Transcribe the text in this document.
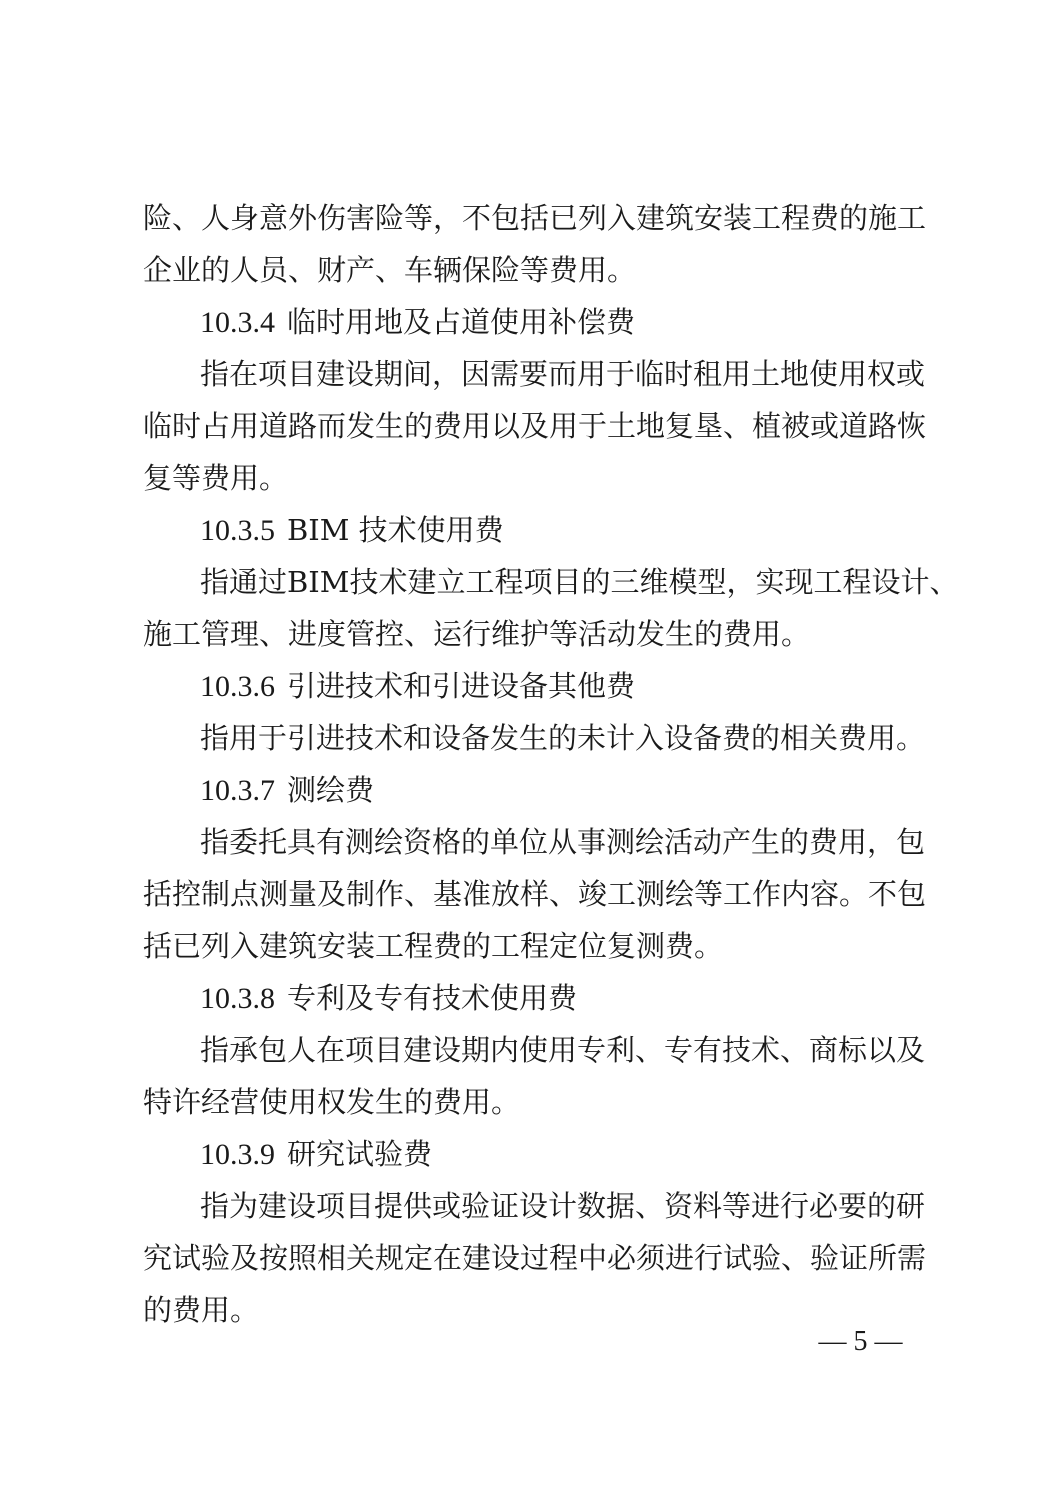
险、人身意外伤害险等，不包括已列入建筑安装工程费的施工
企业的人员、财产、车辆保险等费用。
10.3.4 临时用地及占道使用补偿费
指在项目建设期间，因需要而用于临时租用土地使用权或
临时占用道路而发生的费用以及用于土地复垦、植被或道路恢
复等费用。
10.3.5 BIM 技术使用费
指通过BIM技术建立工程项目的三维模型，实现工程设计、
施工管理、进度管控、运行维护等活动发生的费用。
10.3.6 引进技术和引进设备其他费
指用于引进技术和设备发生的未计入设备费的相关费用。
10.3.7 测绘费
指委托具有测绘资格的单位从事测绘活动产生的费用，包
括控制点测量及制作、基准放样、竣工测绘等工作内容。不包
括已列入建筑安装工程费的工程定位复测费。
10.3.8 专利及专有技术使用费
指承包人在项目建设期内使用专利、专有技术、商标以及
特许经营使用权发生的费用。
10.3.9 研究试验费
指为建设项目提供或验证设计数据、资料等进行必要的研
究试验及按照相关规定在建设过程中必须进行试验、验证所需
的费用。
— 5 —
